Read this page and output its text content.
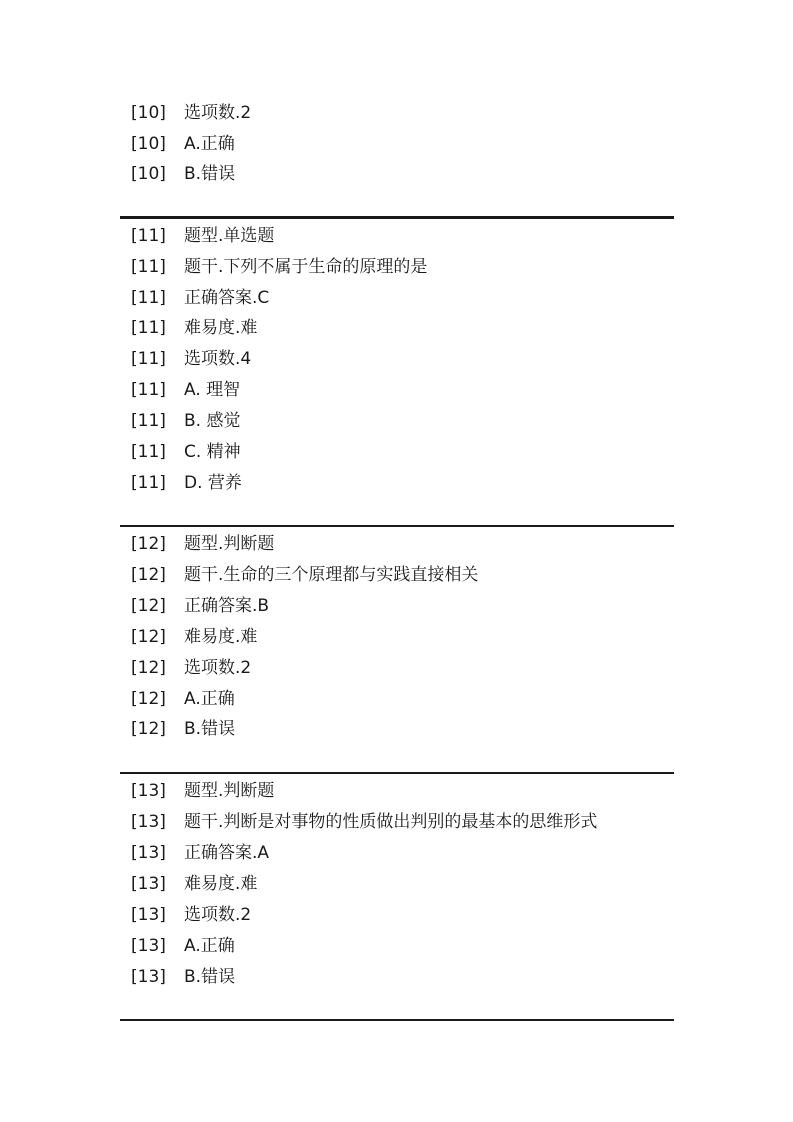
[10] 选项数.2
[10] A.正确
[10] B.错误
[11] 题型.单选题
[11] 题干.下列不属于生命的原理的是
[11] 正确答案.C
[11] 难易度.难
[11] 选项数.4
[11] A. 理智
[11] B. 感觉
[11] C. 精神
[11] D. 营养
[12] 题型.判断题
[12] 题干.生命的三个原理都与实践直接相关
[12] 正确答案.B
[12] 难易度.难
[12] 选项数.2
[12] A.正确
[12] B.错误
[13] 题型.判断题
[13] 题干.判断是对事物的性质做出判别的最基本的思维形式
[13] 正确答案.A
[13] 难易度.难
[13] 选项数.2
[13] A.正确
[13] B.错误
